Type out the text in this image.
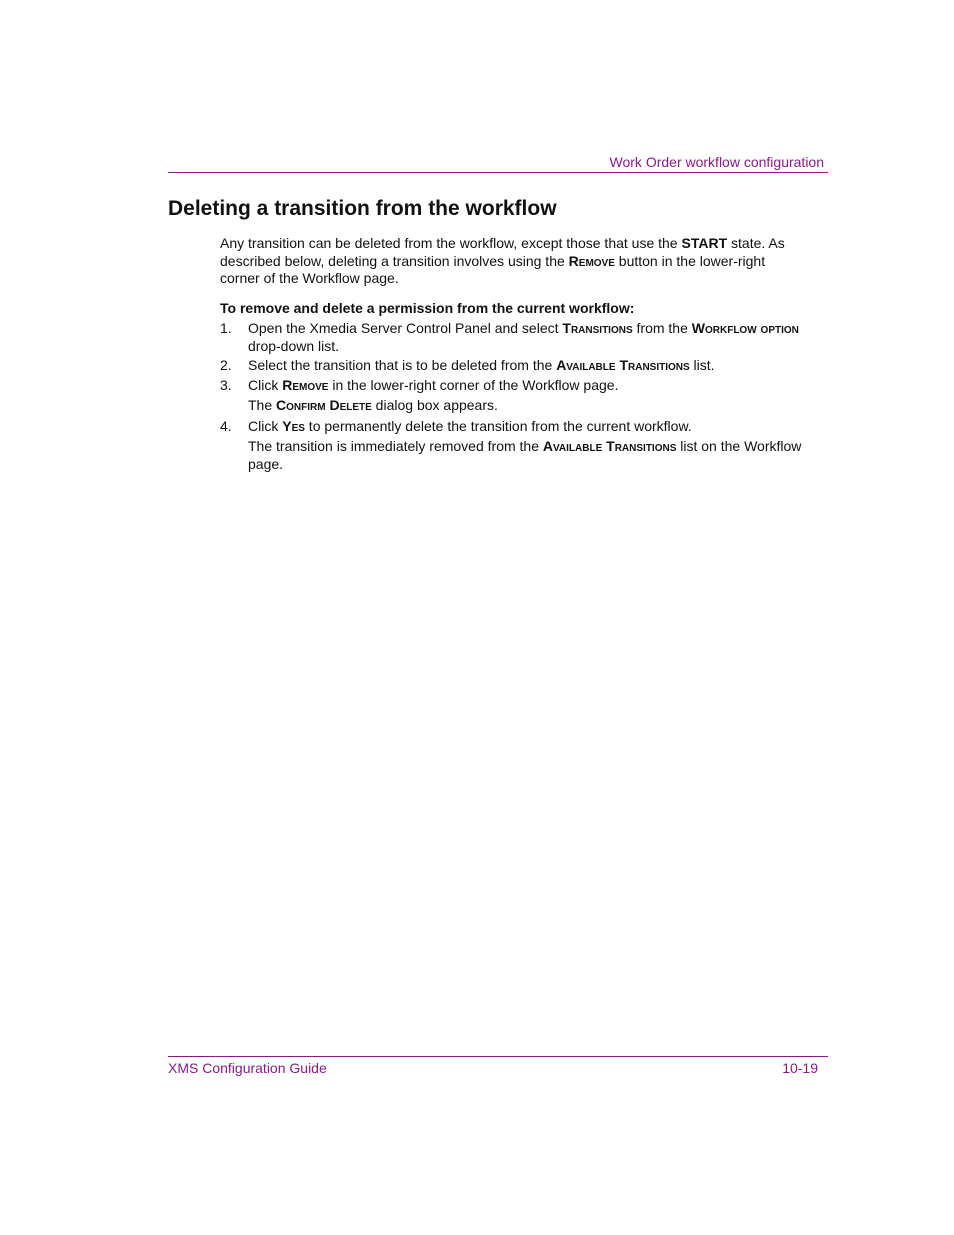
Work Order workflow configuration
Deleting a transition from the workflow

Any transition can be deleted from the workflow, except those that use the START state. As described below, deleting a transition involves using the Remove button in the lower-right corner of the Workflow page.

To remove and delete a permission from the current workflow:

1. Open the Xmedia Server Control Panel and select Transitions from the Workflow option drop-down list.
2. Select the transition that is to be deleted from the Available Transitions list.
3. Click Remove in the lower-right corner of the Workflow page.
The Confirm Delete dialog box appears.
4. Click Yes to permanently delete the transition from the current workflow.
The transition is immediately removed from the Available Transitions list on the Workflow page.
XMS Configuration Guide	10-19
